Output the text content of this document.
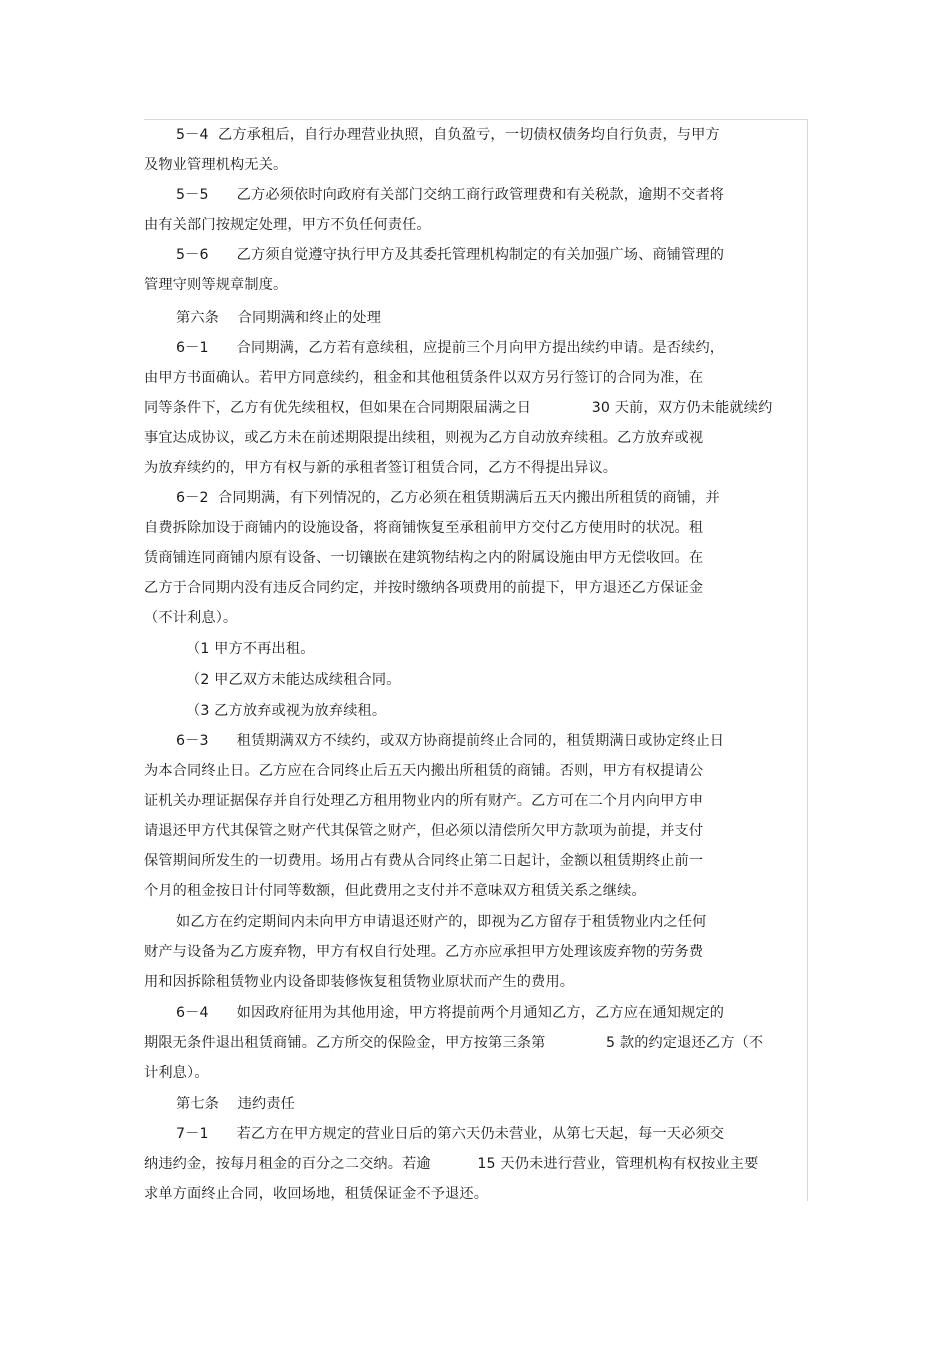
5－4  乙方承租后，自行办理营业执照，自负盈亏，一切债权债务均自行负责，与甲方
及物业管理机构无关。
5－5      乙方必须依时向政府有关部门交纳工商行政管理费和有关税款，逾期不交者将
由有关部门按规定处理，甲方不负任何责任。
5－6      乙方须自觉遵守执行甲方及其委托管理机构制定的有关加强广场、商铺管理的
管理守则等规章制度。
第六条    合同期满和终止的处理
6－1      合同期满，乙方若有意续租，应提前三个月向甲方提出续约申请。是否续约，
由甲方书面确认。若甲方同意续约，租金和其他租赁条件以双方另行签订的合同为准，在
同等条件下，乙方有优先续租权，但如果在合同期限届满之日             30 天前，双方仍未能就续约
事宜达成协议，或乙方未在前述期限提出续租，则视为乙方自动放弃续租。乙方放弃或视
为放弃续约的，甲方有权与新的承租者签订租赁合同，乙方不得提出异议。
6－2  合同期满，有下列情况的，乙方必须在租赁期满后五天内搬出所租赁的商铺，并
自费拆除加设于商铺内的设施设备，将商铺恢复至承租前甲方交付乙方使用时的状况。租
赁商铺连同商铺内原有设备、一切镶嵌在建筑物结构之内的附属设施由甲方无偿收回。在
乙方于合同期内没有违反合同约定，并按时缴纳各项费用的前提下，甲方退还乙方保证金
（不计利息）。
（1 甲方不再出租。
（2 甲乙双方未能达成续租合同。
（3 乙方放弃或视为放弃续租。
6－3      租赁期满双方不续约，或双方协商提前终止合同的，租赁期满日或协定终止日
为本合同终止日。乙方应在合同终止后五天内搬出所租赁的商铺。否则，甲方有权提请公
证机关办理证据保存并自行处理乙方租用物业内的所有财产。乙方可在二个月内向甲方申
请退还甲方代其保管之财产代其保管之财产，但必须以清偿所欠甲方款项为前提，并支付
保管期间所发生的一切费用。场用占有费从合同终止第二日起计，金额以租赁期终止前一
个月的租金按日计付同等数额，但此费用之支付并不意味双方租赁关系之继续。
如乙方在约定期间内未向甲方申请退还财产的，即视为乙方留存于租赁物业内之任何
财产与设备为乙方废弃物，甲方有权自行处理。乙方亦应承担甲方处理该废弃物的劳务费
用和因拆除租赁物业内设备即装修恢复租赁物业原状而产生的费用。
6－4      如因政府征用为其他用途，甲方将提前两个月通知乙方，乙方应在通知规定的
期限无条件退出租赁商铺。乙方所交的保险金，甲方按第三条第             5 款的约定退还乙方（不
计利息）。
第七条    违约责任
7－1      若乙方在甲方规定的营业日后的第六天仍未营业，从第七天起，每一天必须交
纳违约金，按每月租金的百分之二交纳。若逾          15 天仍未进行营业，管理机构有权按业主要
求单方面终止合同，收回场地，租赁保证金不予退还。
